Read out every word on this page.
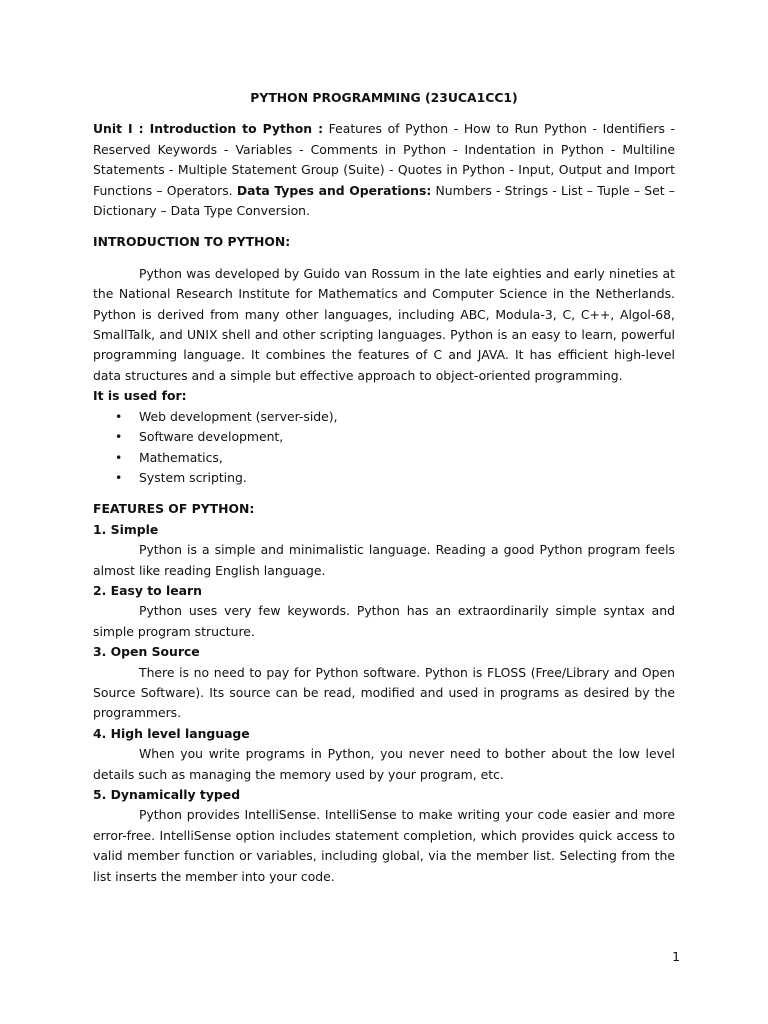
PYTHON PROGRAMMING (23UCA1CC1)

Unit I : Introduction to Python : Features of Python - How to Run Python - Identifiers - Reserved Keywords - Variables - Comments in Python - Indentation in Python - Multiline Statements - Multiple Statement Group (Suite) - Quotes in Python - Input, Output and Import Functions – Operators. Data Types and Operations: Numbers - Strings - List – Tuple – Set –Dictionary – Data Type Conversion.

INTRODUCTION TO PYTHON:

Python was developed by Guido van Rossum in the late eighties and early nineties at the National Research Institute for Mathematics and Computer Science in the Netherlands. Python is derived from many other languages, including ABC, Modula-3, C, C++, Algol-68, SmallTalk, and UNIX shell and other scripting languages. Python is an easy to learn, powerful programming language. It combines the features of C and JAVA. It has efficient high-level data structures and a simple but effective approach to object-oriented programming.

It is used for:

• Web development (server-side),
• Software development,
• Mathematics,
• System scripting.

FEATURES OF PYTHON:

1. Simple

Python is a simple and minimalistic language. Reading a good Python program feels almost like reading English language.

2. Easy to learn

Python uses very few keywords. Python has an extraordinarily simple syntax and simple program structure.

3. Open Source

There is no need to pay for Python software. Python is FLOSS (Free/Library and Open Source Software). Its source can be read, modified and used in programs as desired by the programmers.

4. High level language

When you write programs in Python, you never need to bother about the low level details such as managing the memory used by your program, etc.

5. Dynamically typed

Python provides IntelliSense. IntelliSense to make writing your code easier and more error-free. IntelliSense option includes statement completion, which provides quick access to valid member function or variables, including global, via the member list. Selecting from the list inserts the member into your code.

1
